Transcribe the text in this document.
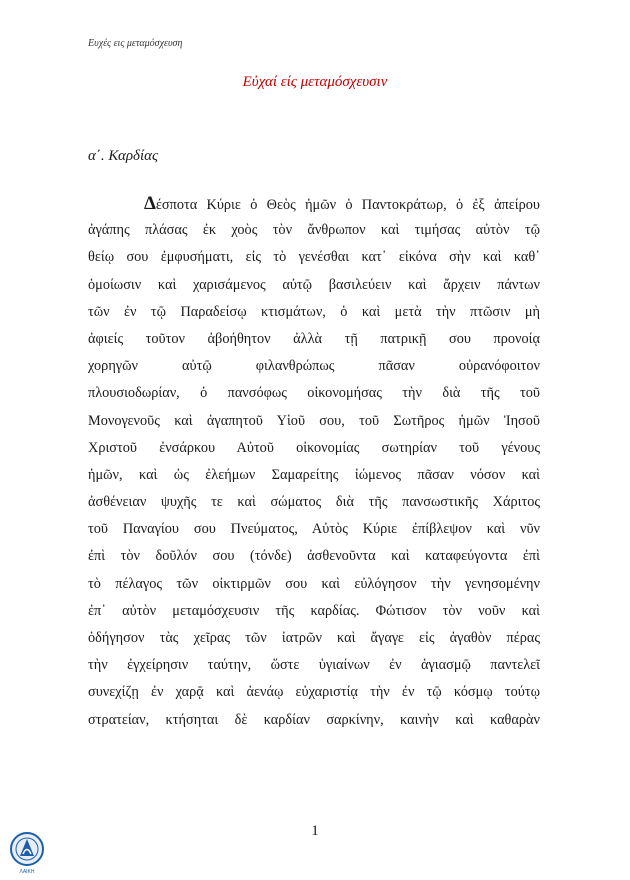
Ευχές εις μεταμόσχευση
Εὐχαί είς μεταμόσχευσιν
α΄. Καρδίας
Δέσποτα Κύριε ὁ Θεὸς ἡμῶν ὁ Παντοκράτωρ, ὁ ἐξ ἀπείρου
ἀγάπης πλάσας ἐκ χοὸς τὸν ἄνθρωπον καὶ τιμήσας αὐτὸν τῷ
θείῳ σου ἐμφυσήματι, εἰς τὸ γενέσθαι κατ᾽ εἰκόνα σὴν καὶ καθ᾽
ὁμοίωσιν καὶ χαρισάμενος αὐτῷ βασιλεύειν καὶ ἄρχειν πάντων
τῶν ἐν τῷ Παραδείσῳ κτισμάτων, ὁ καὶ μετὰ τὴν πτῶσιν μὴ
ἀφιείς τοῦτον ἀβοήθητον ἀλλὰ τῇ πατρικῇ σου προνοίᾳ
χορηγῶν αὐτῷ φιλανθρώπως πᾶσαν οὐρανόφοιτον
πλουσιοδωρίαν, ὁ πανσόφως οἰκονομήσας τὴν διὰ τῆς τοῦ
Μονογενοῦς καὶ ἀγαπητοῦ Υἱοῦ σου, τοῦ Σωτῆρος ἡμῶν Ἰησοῦ
Χριστοῦ ἐνσάρκου Αὐτοῦ οἰκονομίας σωτηρίαν τοῦ γένους
ἡμῶν, καὶ ὡς ἐλεήμων Σαμαρείτης ἰώμενος πᾶσαν νόσον καὶ
ἀσθένειαν ψυχῆς τε καὶ σώματος διὰ τῆς πανσωστικῆς Χάριτος
τοῦ Παναγίου σου Πνεύματος, Αὐτὸς Κύριε ἐπίβλεψον καὶ νῦν
ἐπὶ τὸν δοῦλόν σου (τόνδε) ἀσθενοῦντα καὶ καταφεύγοντα ἐπὶ
τὸ πέλαγος τῶν οἰκτιρμῶν σου καὶ εὐλόγησον τὴν γενησομένην
ἐπ᾽ αὐτὸν μεταμόσχευσιν τῆς καρδίας. Φώτισον τὸν νοῦν καὶ
ὁδήγησον τὰς χεῖρας τῶν ἰατρῶν καὶ ἄγαγε εἰς ἀγαθὸν πέρας
τὴν ἐγχείρησιν ταύτην, ὥστε ὑγιαίνων ἐν ἁγιασμῷ παντελεῖ
συνεχίζῃ ἐν χαρᾷ καὶ ἀενάῳ εὐχαριστίᾳ τὴν ἐν τῷ κόσμῳ τούτῳ
στρατείαν, κτήσηται δὲ καρδίαν σαρκίνην, καινὴν καὶ καθαρὰν
1
ΛΑΙΚΗ
